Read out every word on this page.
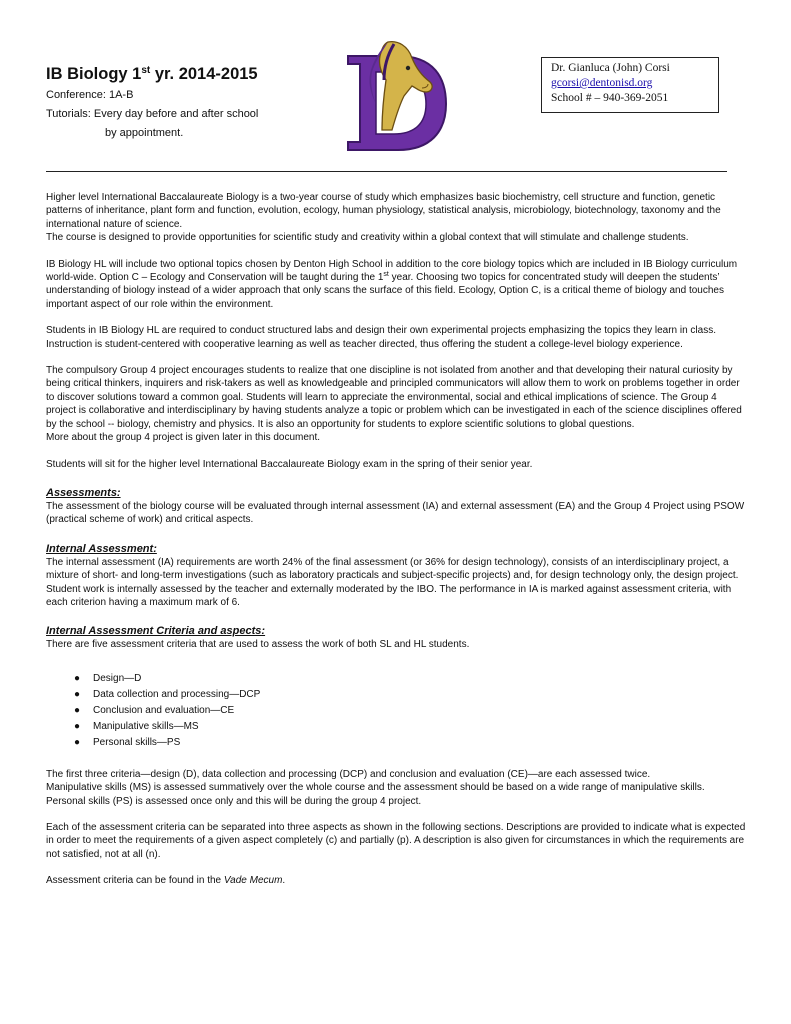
IB Biology 1st yr. 2014-2015
Conference: 1A-B
Tutorials: Every day before and after school
by appointment.
Dr. Gianluca (John) Corsi
gcorsi@dentonisd.org
School # – 940-369-2051

Higher level International Baccalaureate Biology is a two-year course of study which emphasizes basic biochemistry, cell structure and function, genetic patterns of inheritance, plant form and function, evolution, ecology, human physiology, statistical analysis, microbiology, biotechnology, taxonomy and the international nature of science.

The course is designed to provide opportunities for scientific study and creativity within a global context that will stimulate and challenge students.

IB Biology HL will include two optional topics chosen by Denton High School in addition to the core biology topics which are included in IB Biology curriculum world-wide. Option C – Ecology and Conservation will be taught during the 1st year. Choosing two topics for concentrated study will deepen the students’ understanding of biology instead of a wider approach that only scans the surface of this field. Ecology, Option C, is a critical theme of biology and touches important aspect of our role within the environment.

Students in IB Biology HL are required to conduct structured labs and design their own experimental projects emphasizing the topics they learn in class. Instruction is student-centered with cooperative learning as well as teacher directed, thus offering the student a college-level biology experience.

The compulsory Group 4 project encourages students to realize that one discipline is not isolated from another and that developing their natural curiosity by being critical thinkers, inquirers and risk-takers as well as knowledgeable and principled communicators will allow them to work on problems together in order to discover solutions toward a common goal. Students will learn to appreciate the environmental, social and ethical implications of science. The Group 4 project is collaborative and interdisciplinary by having students analyze a topic or problem which can be investigated in each of the science disciplines offered by the school -- biology, chemistry and physics. It is also an opportunity for students to explore scientific solutions to global questions.

More about the group 4 project is given later in this document.

Students will sit for the higher level International Baccalaureate Biology exam in the spring of their senior year.

Assessments:

The assessment of the biology course will be evaluated through internal assessment (IA) and external assessment (EA) and the Group 4 Project using PSOW (practical scheme of work) and critical aspects.

Internal Assessment:

The internal assessment (IA) requirements are worth 24% of the final assessment (or 36% for design technology), consists of an interdisciplinary project, a mixture of short- and long-term investigations (such as laboratory practicals and subject-specific projects) and, for design technology only, the design project.

Student work is internally assessed by the teacher and externally moderated by the IBO. The performance in IA is marked against assessment criteria, with each criterion having a maximum mark of 6.

Internal Assessment Criteria and aspects:

There are five assessment criteria that are used to assess the work of both SL and HL students.

● Design—D
● Data collection and processing—DCP
● Conclusion and evaluation—CE
● Manipulative skills—MS
● Personal skills—PS

The first three criteria—design (D), data collection and processing (DCP) and conclusion and evaluation (CE)—are each assessed twice.

Manipulative skills (MS) is assessed summatively over the whole course and the assessment should be based on a wide range of manipulative skills.

Personal skills (PS) is assessed once only and this will be during the group 4 project.

Each of the assessment criteria can be separated into three aspects as shown in the following sections. Descriptions are provided to indicate what is expected in order to meet the requirements of a given aspect completely (c) and partially (p). A description is also given for circumstances in which the requirements are not satisfied, not at all (n).

Assessment criteria can be found in the Vade Mecum.
